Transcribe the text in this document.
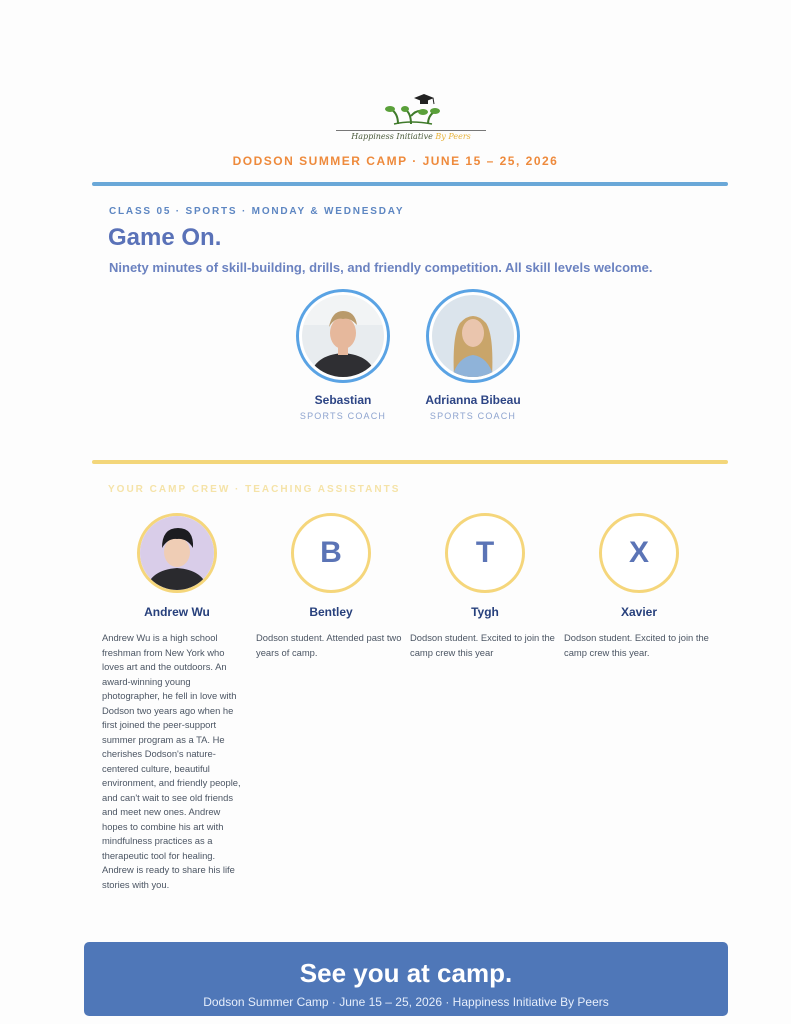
Happiness Initiative By Peers
DODSON SUMMER CAMP · JUNE 15 – 25, 2026
CLASS 05 · SPORTS · MONDAY & WEDNESDAY
Game On.
Ninety minutes of skill-building, drills, and friendly competition. All skill levels welcome.
Sebastian
SPORTS COACH
Adrianna Bibeau
SPORTS COACH
YOUR CAMP CREW · TEACHING ASSISTANTS
Andrew Wu
Andrew Wu is a high school freshman from New York who loves art and the outdoors. An award-winning young photographer, he fell in love with Dodson two years ago when he first joined the peer-support summer program as a TA. He cherishes Dodson's nature-centered culture, beautiful environment, and friendly people, and can't wait to see old friends and meet new ones. Andrew hopes to combine his art with mindfulness practices as a therapeutic tool for healing. Andrew is ready to share his life stories with you.
B
Bentley
Dodson student. Attended past two years of camp.
T
Tygh
Dodson student. Excited to join the camp crew this year
X
Xavier
Dodson student. Excited to join the camp crew this year.
See you at camp.
Dodson Summer Camp · June 15 – 25, 2026 · Happiness Initiative By Peers
